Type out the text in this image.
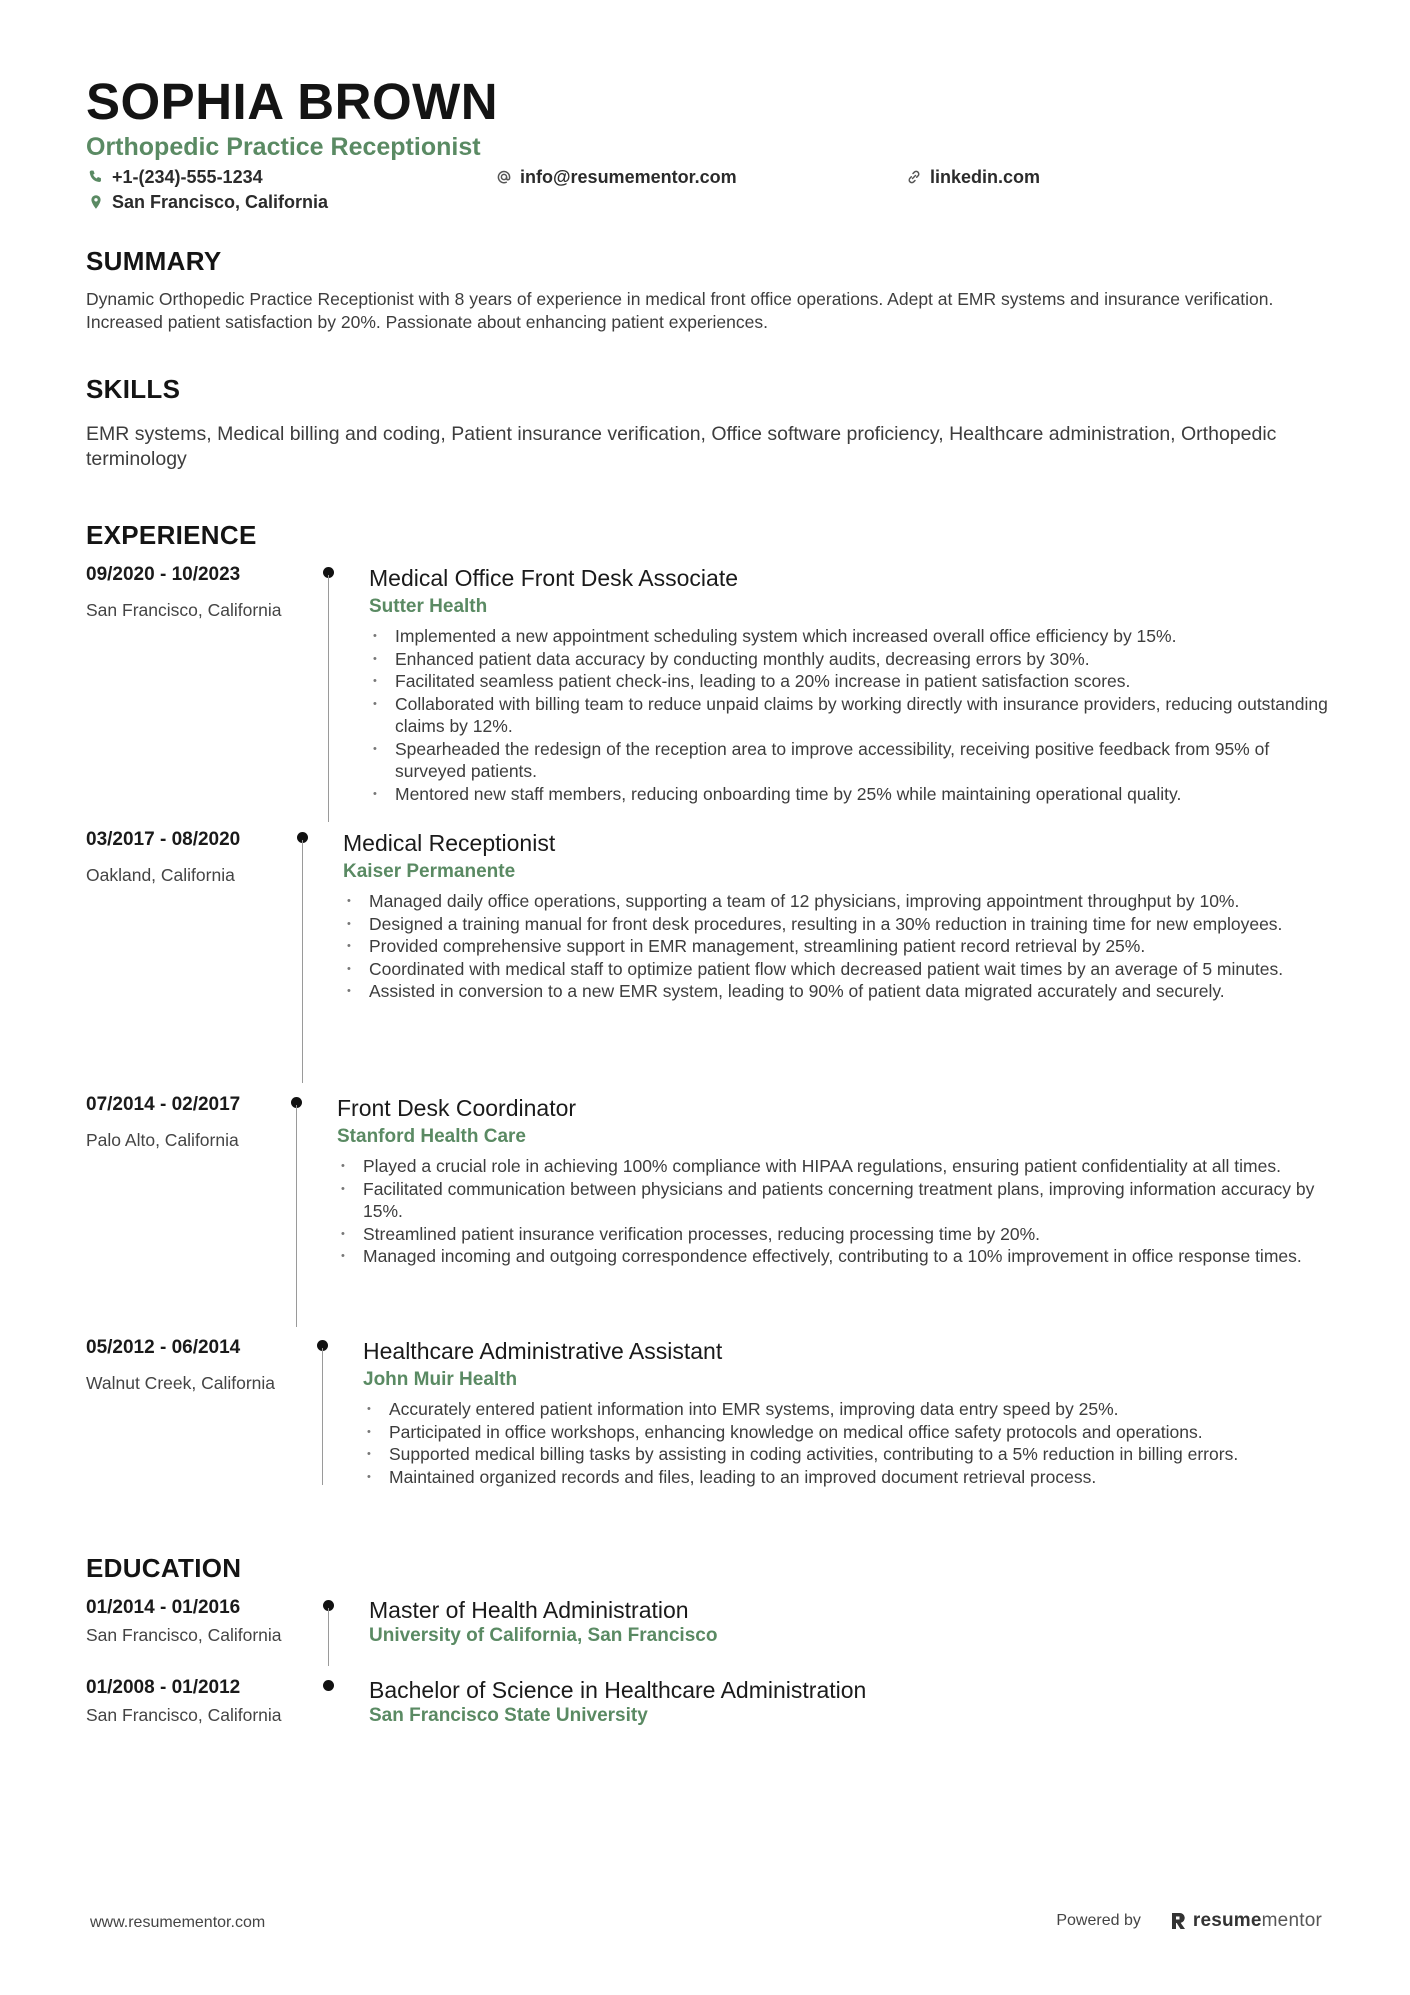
SOPHIA BROWN
Orthopedic Practice Receptionist
+1-(234)-555-1234	info@resumementor.com	linkedin.com
San Francisco, California
SUMMARY
Dynamic Orthopedic Practice Receptionist with 8 years of experience in medical front office operations. Adept at EMR systems and insurance verification. Increased patient satisfaction by 20%. Passionate about enhancing patient experiences.
SKILLS
EMR systems, Medical billing and coding, Patient insurance verification, Office software proficiency, Healthcare administration, Orthopedic terminology
EXPERIENCE
09/2020 - 10/2023
San Francisco, California
Medical Office Front Desk Associate
Sutter Health
• Implemented a new appointment scheduling system which increased overall office efficiency by 15%.
• Enhanced patient data accuracy by conducting monthly audits, decreasing errors by 30%.
• Facilitated seamless patient check-ins, leading to a 20% increase in patient satisfaction scores.
• Collaborated with billing team to reduce unpaid claims by working directly with insurance providers, reducing outstanding claims by 12%.
• Spearheaded the redesign of the reception area to improve accessibility, receiving positive feedback from 95% of surveyed patients.
• Mentored new staff members, reducing onboarding time by 25% while maintaining operational quality.
03/2017 - 08/2020
Oakland, California
Medical Receptionist
Kaiser Permanente
• Managed daily office operations, supporting a team of 12 physicians, improving appointment throughput by 10%.
• Designed a training manual for front desk procedures, resulting in a 30% reduction in training time for new employees.
• Provided comprehensive support in EMR management, streamlining patient record retrieval by 25%.
• Coordinated with medical staff to optimize patient flow which decreased patient wait times by an average of 5 minutes.
• Assisted in conversion to a new EMR system, leading to 90% of patient data migrated accurately and securely.
07/2014 - 02/2017
Palo Alto, California
Front Desk Coordinator
Stanford Health Care
• Played a crucial role in achieving 100% compliance with HIPAA regulations, ensuring patient confidentiality at all times.
• Facilitated communication between physicians and patients concerning treatment plans, improving information accuracy by 15%.
• Streamlined patient insurance verification processes, reducing processing time by 20%.
• Managed incoming and outgoing correspondence effectively, contributing to a 10% improvement in office response times.
05/2012 - 06/2014
Walnut Creek, California
Healthcare Administrative Assistant
John Muir Health
• Accurately entered patient information into EMR systems, improving data entry speed by 25%.
• Participated in office workshops, enhancing knowledge on medical office safety protocols and operations.
• Supported medical billing tasks by assisting in coding activities, contributing to a 5% reduction in billing errors.
• Maintained organized records and files, leading to an improved document retrieval process.
EDUCATION
01/2014 - 01/2016
San Francisco, California
Master of Health Administration
University of California, San Francisco
01/2008 - 01/2012
San Francisco, California
Bachelor of Science in Healthcare Administration
San Francisco State University
www.resumementor.com	Powered by	resumementor
